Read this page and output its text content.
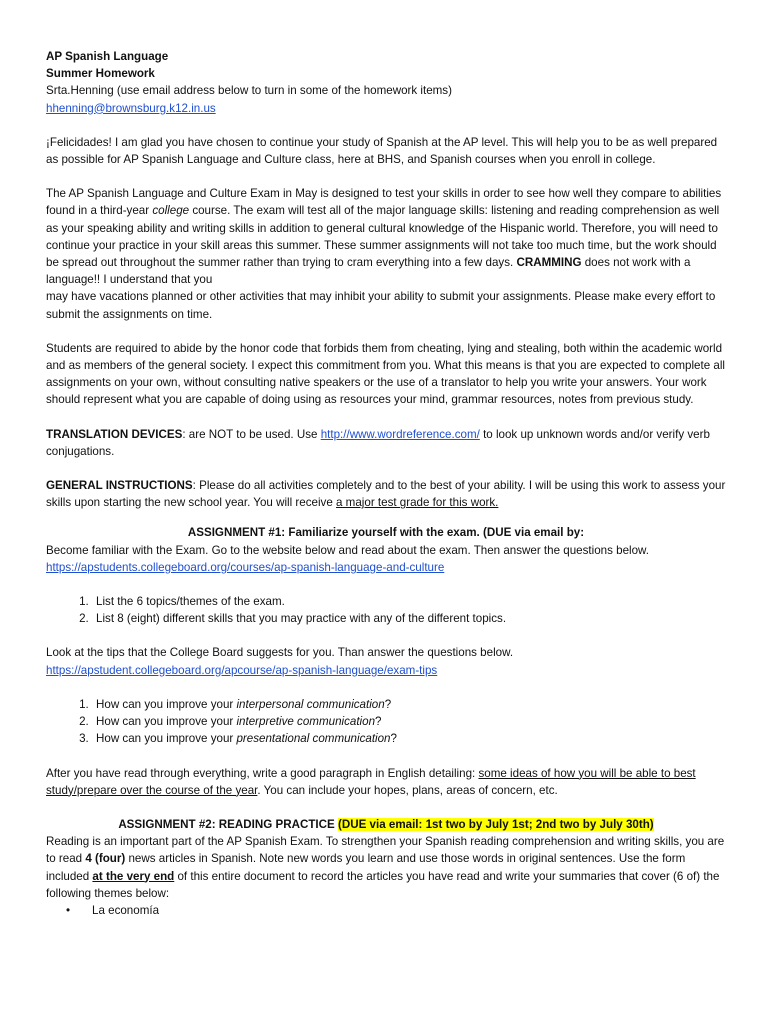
AP Spanish Language

Summer Homework

Srta.Henning (use email address below to turn in some of the homework items)

hhenning@brownsburg.k12.in.us

¡Felicidades! I am glad you have chosen to continue your study of Spanish at the AP level. This will help you to be as well prepared as possible for AP Spanish Language and Culture class, here at BHS, and Spanish courses when you enroll in college.

The AP Spanish Language and Culture Exam in May is designed to test your skills in order to see how well they compare to abilities found in a third-year college course. The exam will test all of the major language skills: listening and reading comprehension as well as your speaking ability and writing skills in addition to general cultural knowledge of the Hispanic world. Therefore, you will need to continue your practice in your skill areas this summer. These summer assignments will not take too much time, but the work should be spread out throughout the summer rather than trying to cram everything into a few days. CRAMMING does not work with a language!! I understand that you
may have vacations planned or other activities that may inhibit your ability to submit your assignments. Please make every effort to submit the assignments on time.

Students are required to abide by the honor code that forbids them from cheating, lying and stealing, both within the academic world and as members of the general society. I expect this commitment from you. What this means is that you are expected to complete all assignments on your own, without consulting native speakers or the use of a translator to help you write your answers. Your work should represent what you are capable of doing using as resources your mind, grammar resources, notes from previous study.

TRANSLATION DEVICES: are NOT to be used. Use http://www.wordreference.com/ to look up unknown words and/or verify verb conjugations.

GENERAL INSTRUCTIONS: Please do all activities completely and to the best of your ability. I will be using this work to assess your skills upon starting the new school year. You will receive a major test grade for this work.

ASSIGNMENT #1: Familiarize yourself with the exam. (DUE via email by:

Become familiar with the Exam. Go to the website below and read about the exam. Then answer the questions below.

https://apstudents.collegeboard.org/courses/ap-spanish-language-and-culture

1. List the 6 topics/themes of the exam.
2. List 8 (eight) different skills that you may practice with any of the different topics.

Look at the tips that the College Board suggests for you. Than answer the questions below.

https://apstudent.collegeboard.org/apcourse/ap-spanish-language/exam-tips

1. How can you improve your interpersonal communication?
2. How can you improve your interpretive communication?
3. How can you improve your presentational communication?

After you have read through everything, write a good paragraph in English detailing: some ideas of how you will be able to best study/prepare over the course of the year. You can include your hopes, plans, areas of concern, etc.

ASSIGNMENT #2: READING PRACTICE (DUE via email: 1st two by July 1st; 2nd two by July 30th)

Reading is an important part of the AP Spanish Exam. To strengthen your Spanish reading comprehension and writing skills, you are to read 4 (four) news articles in Spanish. Note new words you learn and use those words in original sentences. Use the form included at the very end of this entire document to record the articles you have read and write your summaries that cover (6 of) the following themes below:

• La economía
